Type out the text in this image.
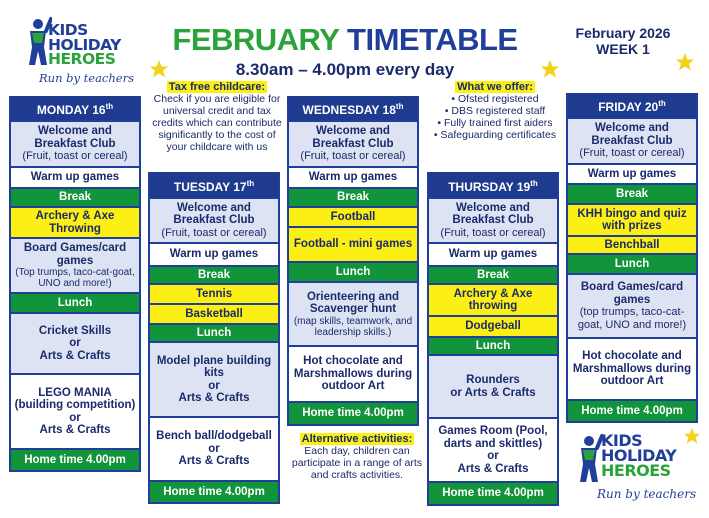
KIDS
HOLIDAY
HEROES
Run by teachers
FEBRUARY TIMETABLE
8.30am – 4.00pm every day
February 2026
WEEK 1
Tax free childcare:

Check if you are eligible for universal credit and tax credits which can contribute significantly to the cost of your childcare with us

What we offer:

• Ofsted registered

• DBS registered staff

• Fully trained first aiders

• Safeguarding certificates

Alternative activities:

Each day, children can participate in a range of arts and crafts activities.

MONDAY 16th
Welcome and Breakfast Club
(Fruit, toast or cereal)
Warm up games
Break
Archery & Axe Throwing
Board Games/card games
(Top trumps, taco-cat-goat, UNO and more!)
Lunch
Cricket Skills
or
Arts & Crafts
LEGO MANIA
(building competition)
or
Arts & Crafts
Home time 4.00pm
TUESDAY 17th
Welcome and Breakfast Club
(Fruit, toast or cereal)
Warm up games
Break
Tennis
Basketball
Lunch
Model plane building kits
or
Arts & Crafts
Bench ball/dodgeball
or
Arts & Crafts
Home time 4.00pm
WEDNESDAY 18th
Welcome and Breakfast Club
(Fruit, toast or cereal)
Warm up games
Break
Football
Football - mini games
Lunch
Orienteering and Scavenger hunt
(map skills, teamwork, and leadership skills.)
Hot chocolate and Marshmallows during outdoor Art
Home time 4.00pm
THURSDAY 19th
Welcome and Breakfast Club
(Fruit, toast or cereal)
Warm up games
Break
Archery & Axe throwing
Dodgeball
Lunch
Rounders
or Arts & Crafts
Games Room (Pool, darts and skittles)
or
Arts & Crafts
Home time 4.00pm
FRIDAY 20th
Welcome and Breakfast Club
(Fruit, toast or cereal)
Warm up games
Break
KHH bingo and quiz with prizes
Benchball
Lunch
Board Games/card games
(top trumps, taco-cat-goat, UNO and more!)
Hot chocolate and Marshmallows during outdoor Art
Home time 4.00pm
KIDS
HOLIDAY
HEROES
Run by teachers
